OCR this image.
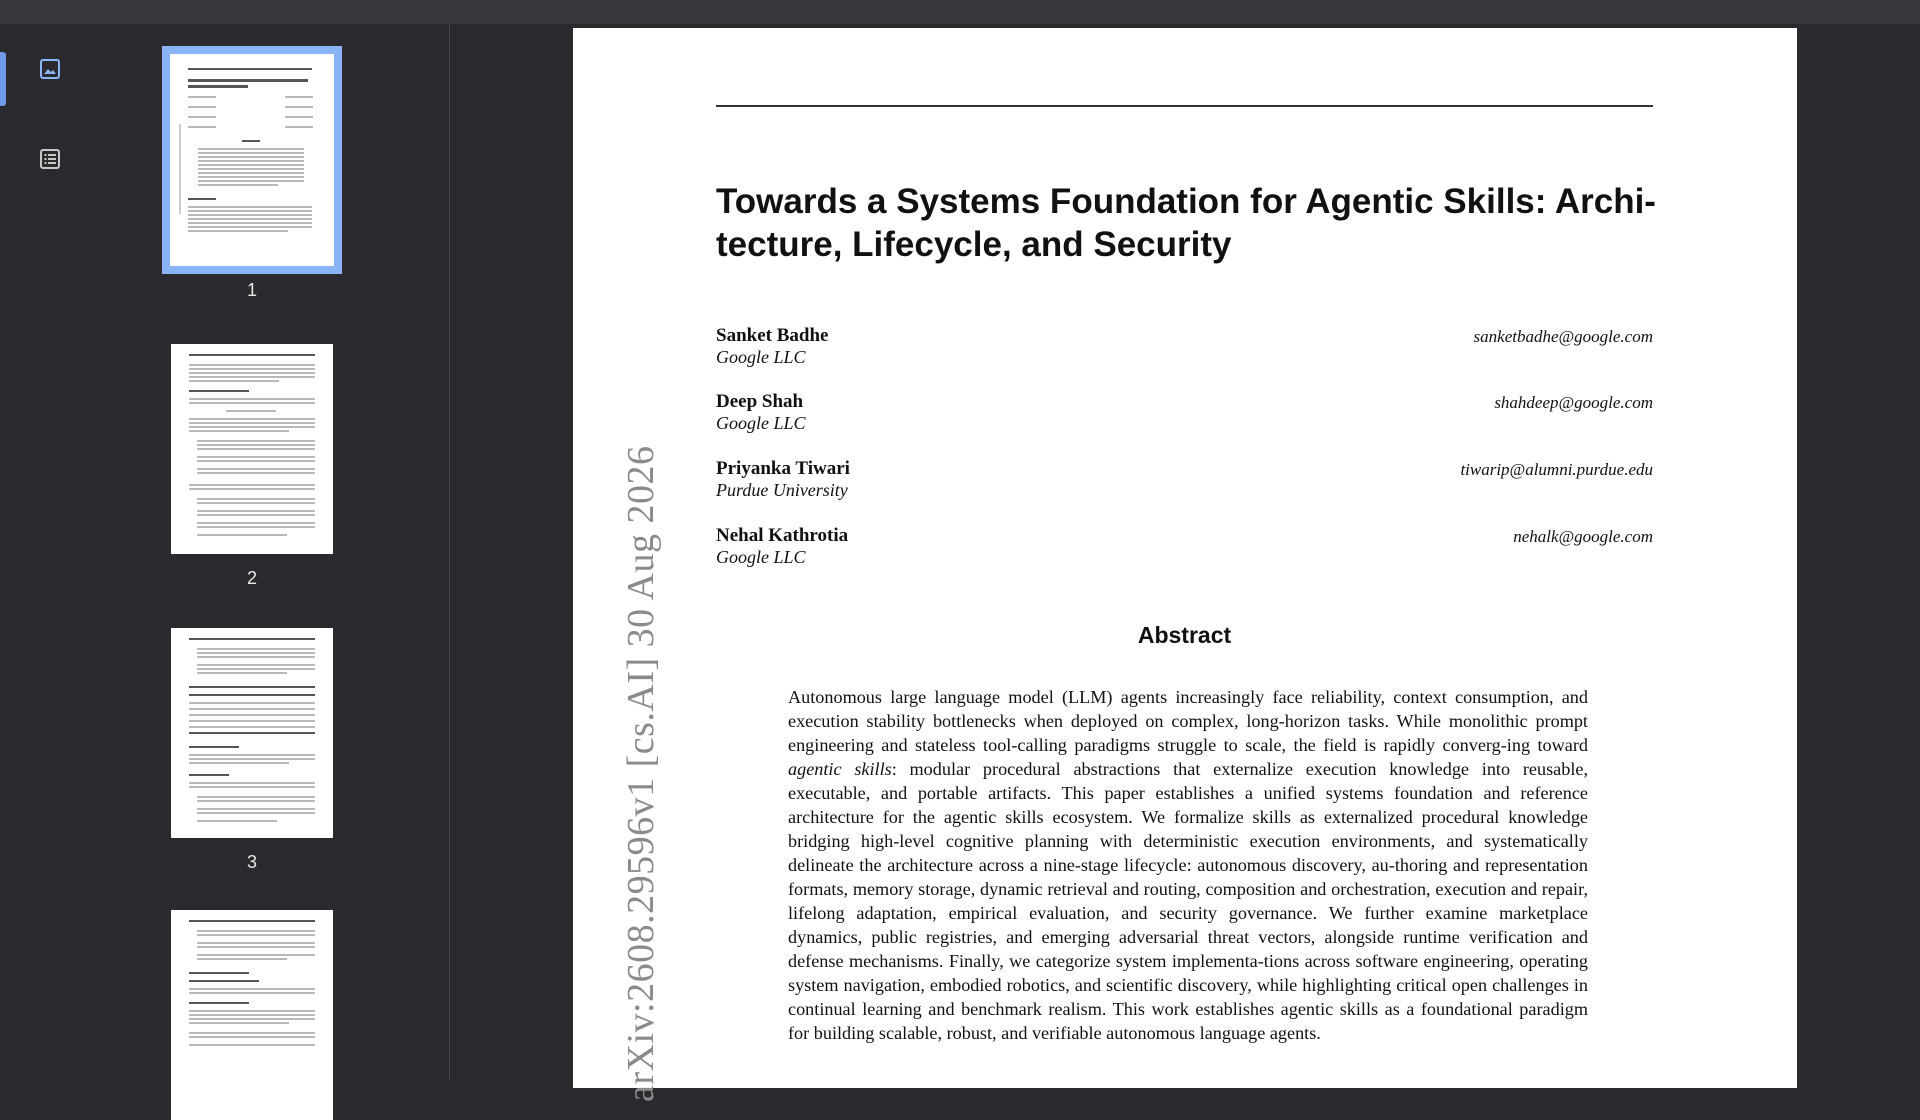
1
2
3
Towards a Systems Foundation for Agentic Skills: Archi-
tecture, Lifecycle, and Security
Sanket Badhe
Google LLC
sanketbadhe@google.com
Deep Shah
Google LLC
shahdeep@google.com
Priyanka Tiwari
Purdue University
tiwarip@alumni.purdue.edu
Nehal Kathrotia
Google LLC
nehalk@google.com
Abstract
Autonomous large language model (LLM) agents increasingly face reliability, context consumption, and execution stability bottlenecks when deployed on complex, long-horizon tasks. While monolithic prompt engineering and stateless tool-calling paradigms struggle to scale, the field is rapidly converg-ing toward agentic skills: modular procedural abstractions that externalize execution knowledge into reusable, executable, and portable artifacts. This paper establishes a unified systems foundation and reference architecture for the agentic skills ecosystem. We formalize skills as externalized procedural knowledge bridging high-level cognitive planning with deterministic execution environments, and systematically delineate the architecture across a nine-stage lifecycle: autonomous discovery, au-thoring and representation formats, memory storage, dynamic retrieval and routing, composition and orchestration, execution and repair, lifelong adaptation, empirical evaluation, and security governance. We further examine marketplace dynamics, public registries, and emerging adversarial threat vectors, alongside runtime verification and defense mechanisms. Finally, we categorize system implementa-tions across software engineering, operating system navigation, embodied robotics, and scientific discovery, while highlighting critical open challenges in continual learning and benchmark realism. This work establishes agentic skills as a foundational paradigm for building scalable, robust, and verifiable autonomous language agents.
arXiv:2608.29596v1 [cs.AI] 30 Aug 2026
